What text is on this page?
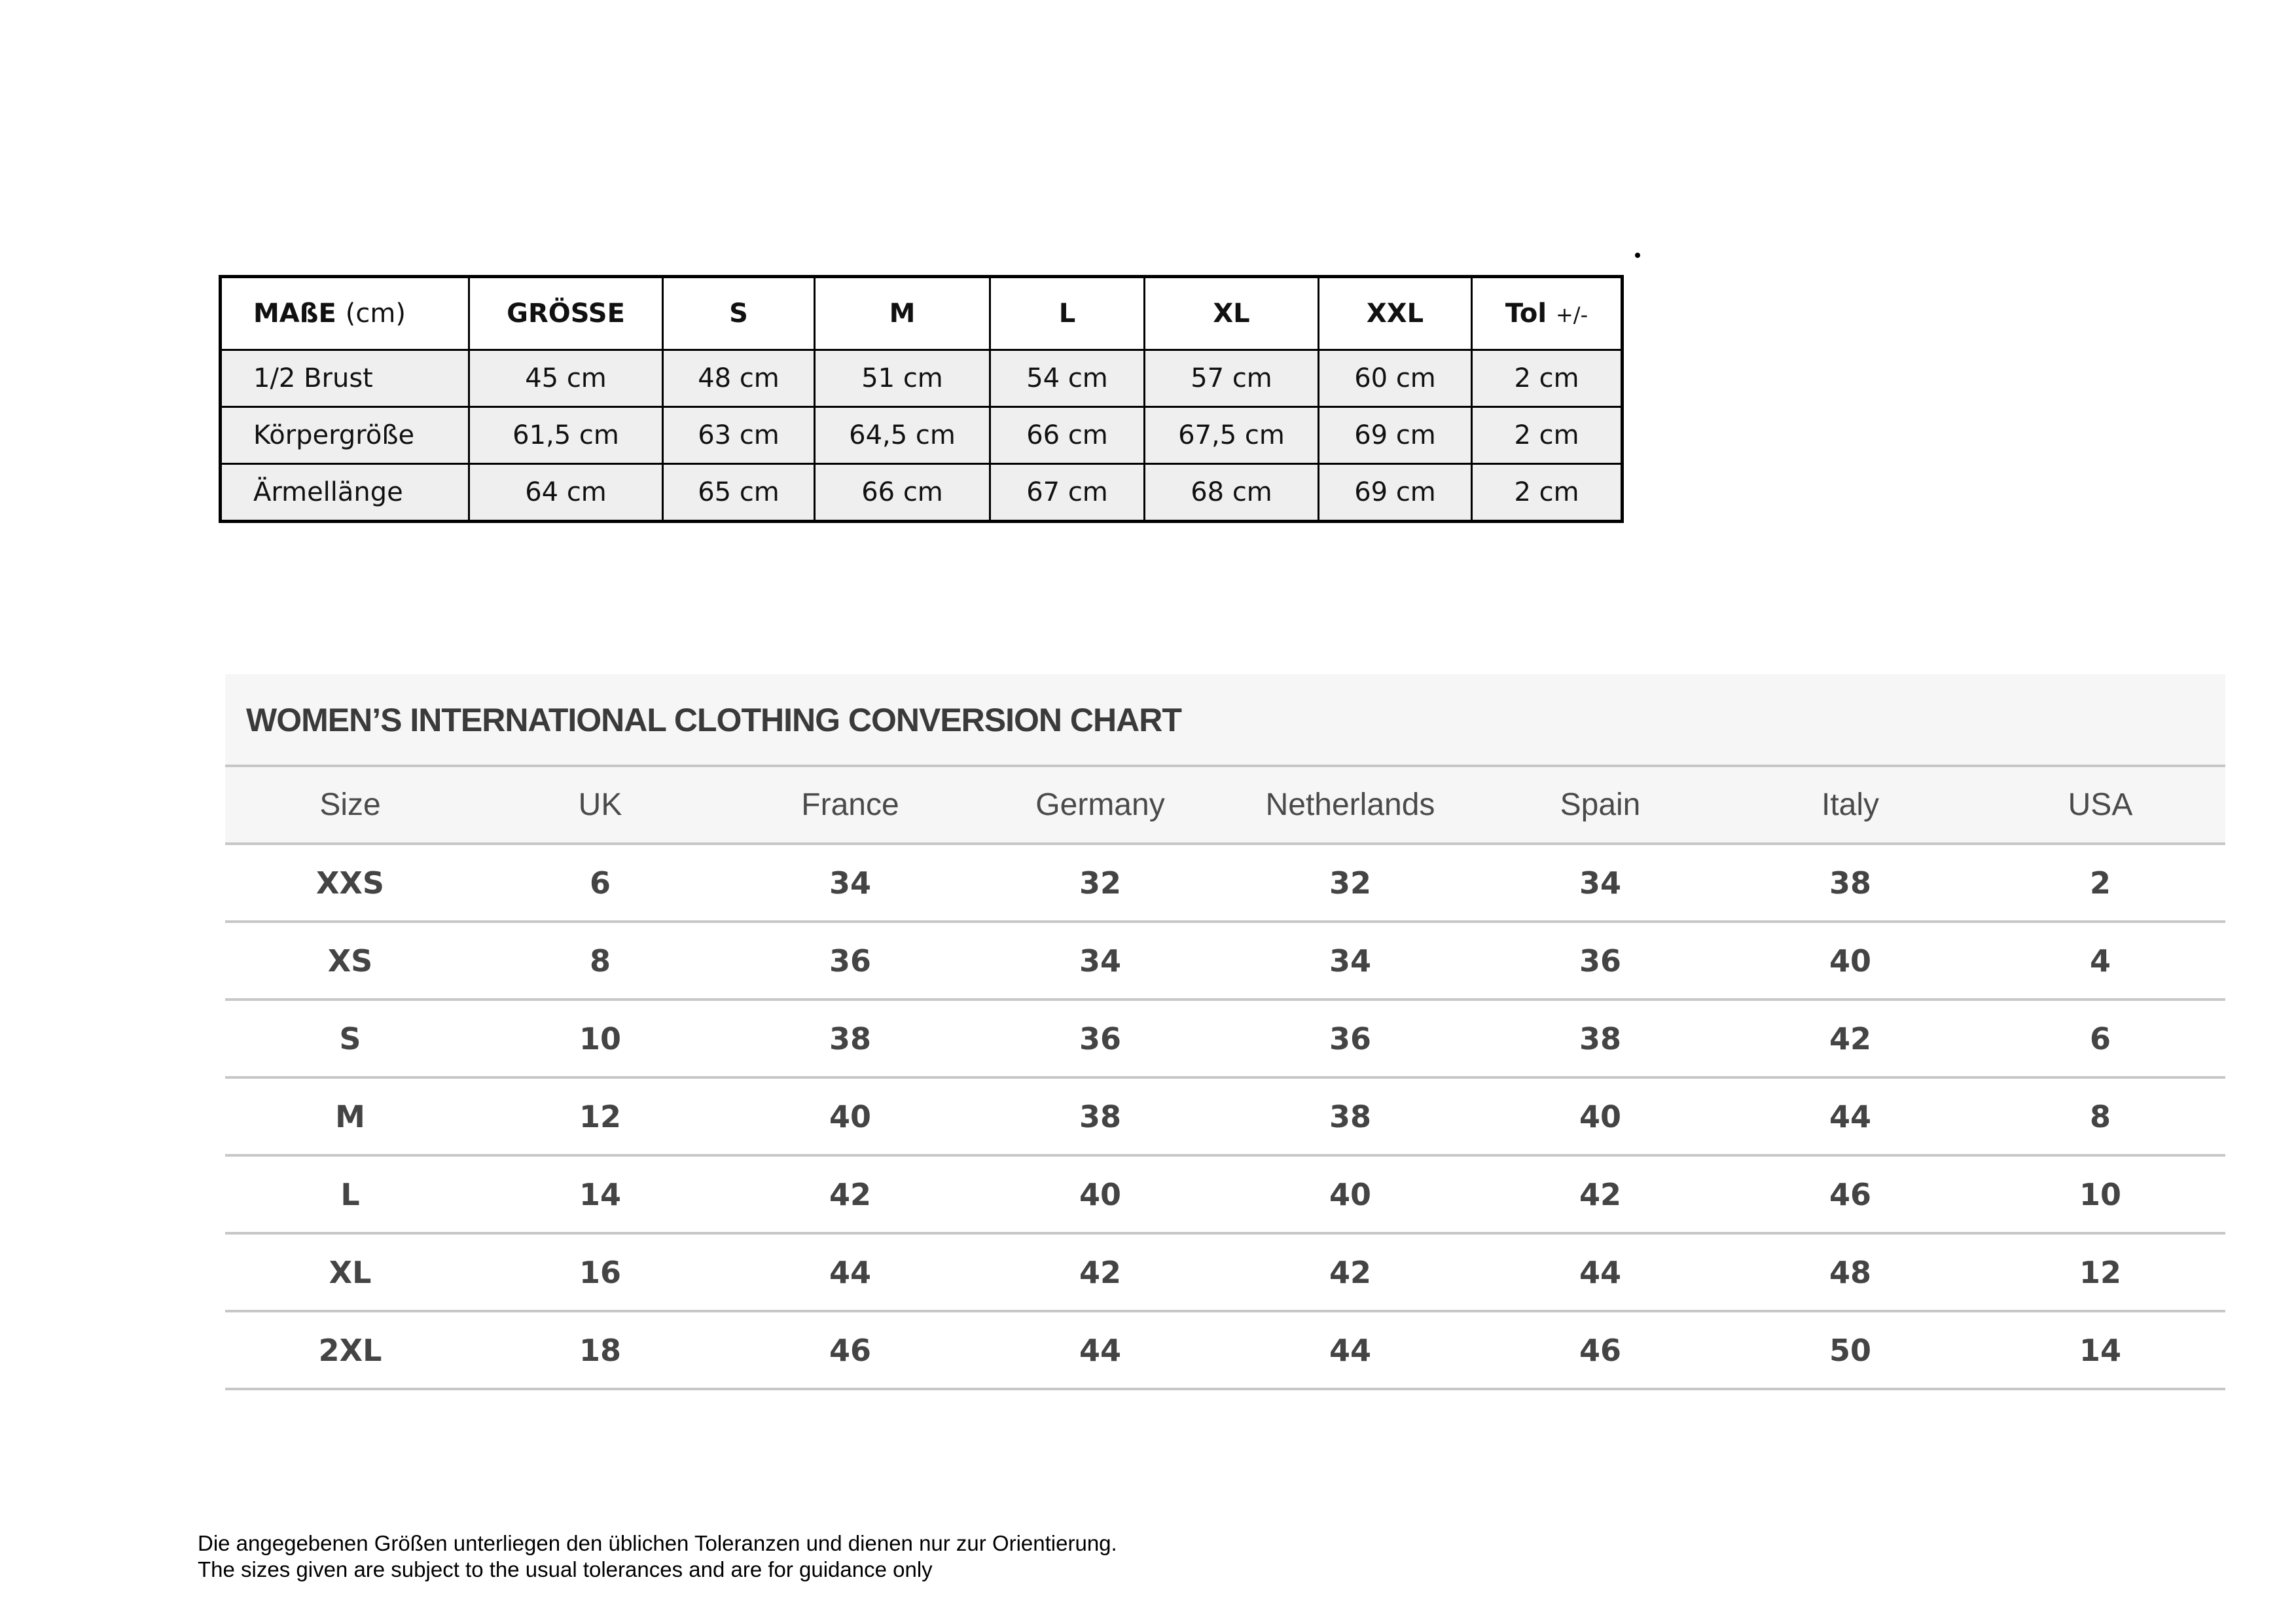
MAßE (cm)	GRÖSSE	S	M	L	XL	XXL	Tol +/-
1/2 Brust	45 cm	48 cm	51 cm	54 cm	57 cm	60 cm	2 cm
Körpergröße	61,5 cm	63 cm	64,5 cm	66 cm	67,5 cm	69 cm	2 cm
Ärmellänge	64 cm	65 cm	66 cm	67 cm	68 cm	69 cm	2 cm
WOMEN’S INTERNATIONAL CLOTHING CONVERSION CHART
Size	UK	France	Germany	Netherlands	Spain	Italy	USA
XXS	6	34	32	32	34	38	2
XS	8	36	34	34	36	40	4
S	10	38	36	36	38	42	6
M	12	40	38	38	40	44	8
L	14	42	40	40	42	46	10
XL	16	44	42	42	44	48	12
2XL	18	46	44	44	46	50	14
Die angegebenen Größen unterliegen den üblichen Toleranzen und dienen nur zur Orientierung.
The sizes given are subject to the usual tolerances and are for guidance only
